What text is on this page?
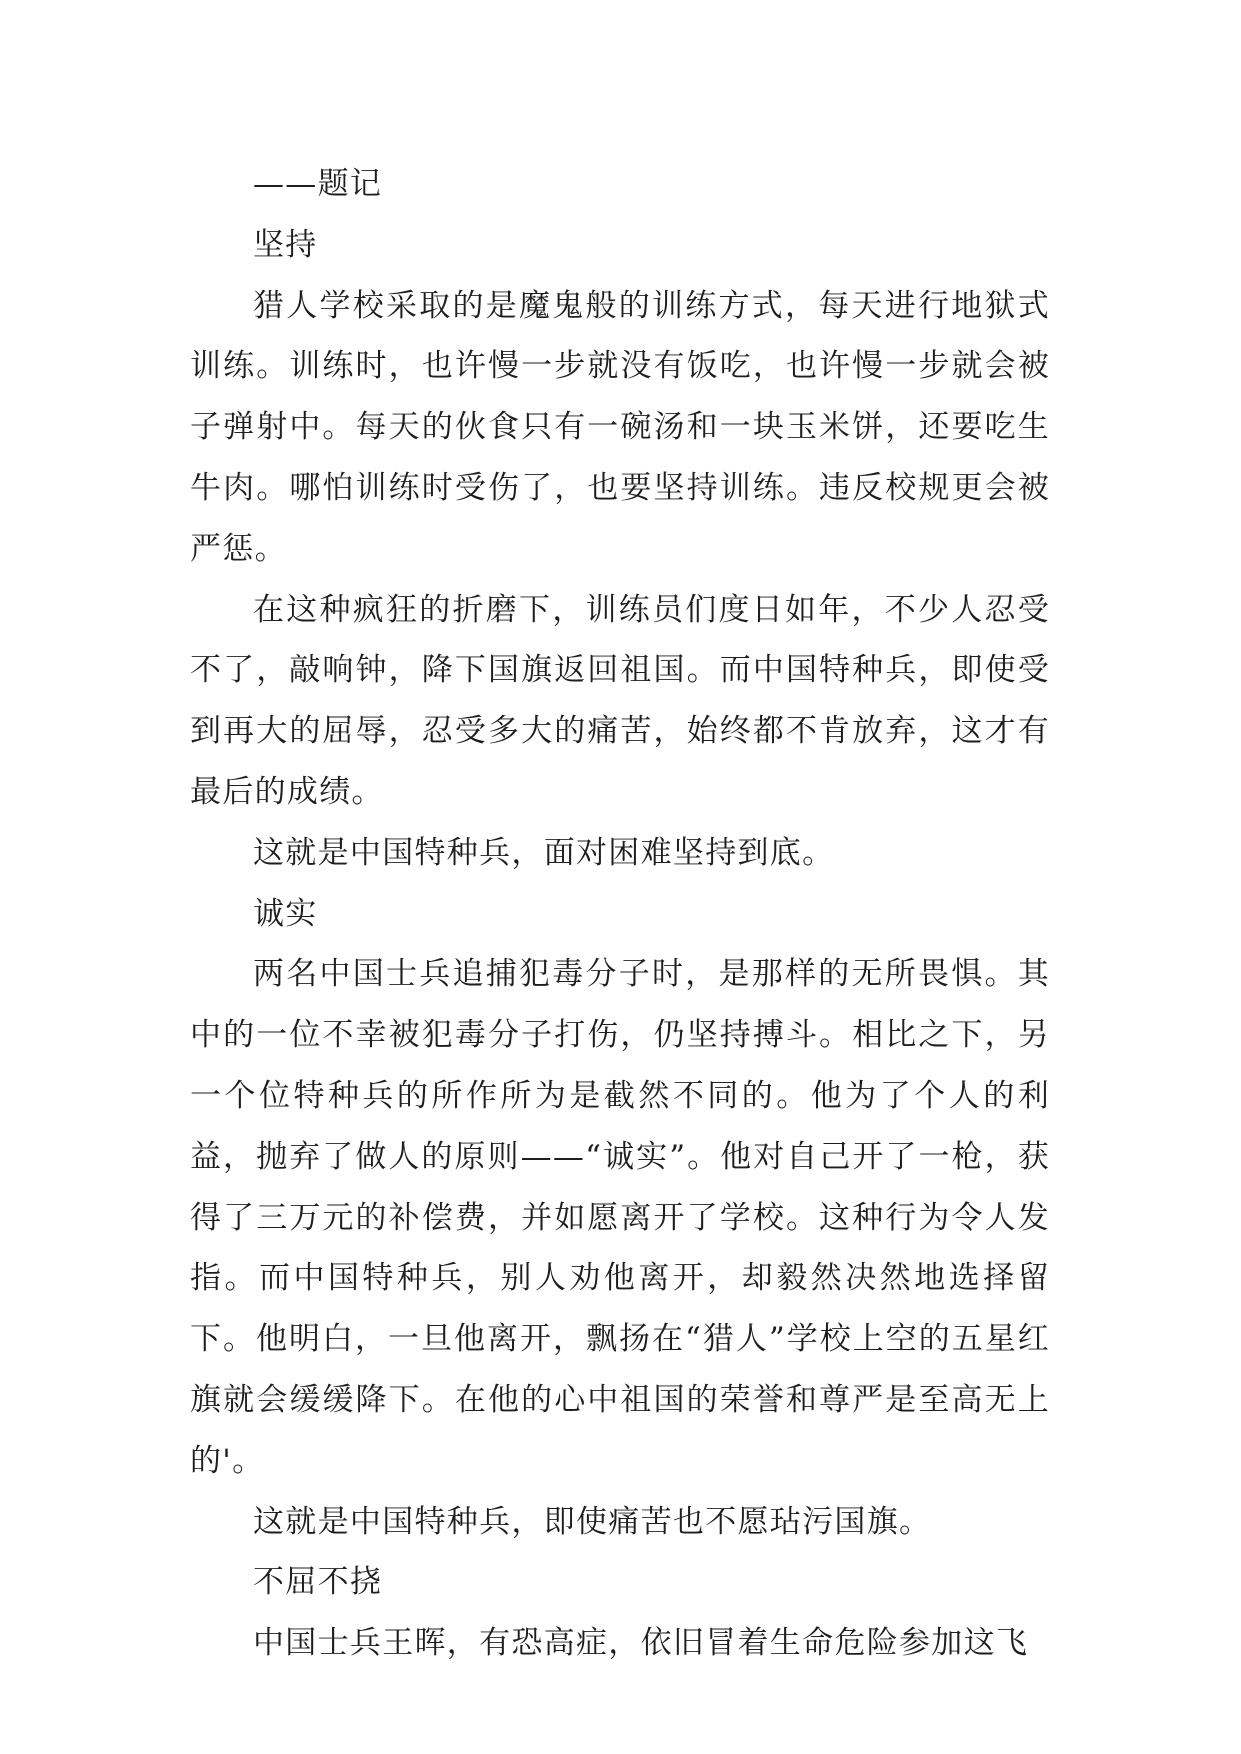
——题记

坚持

猎人学校采取的是魔鬼般的训练方式，每天进行地狱式训练。训练时，也许慢一步就没有饭吃，也许慢一步就会被子弹射中。每天的伙食只有一碗汤和一块玉米饼，还要吃生牛肉。哪怕训练时受伤了，也要坚持训练。违反校规更会被严惩。

在这种疯狂的折磨下，训练员们度日如年，不少人忍受不了，敲响钟，降下国旗返回祖国。而中国特种兵，即使受到再大的屈辱，忍受多大的痛苦，始终都不肯放弃，这才有最后的成绩。

这就是中国特种兵，面对困难坚持到底。

诚实

两名中国士兵追捕犯毒分子时，是那样的无所畏惧。其中的一位不幸被犯毒分子打伤，仍坚持搏斗。相比之下，另一个位特种兵的所作所为是截然不同的。他为了个人的利益，抛弃了做人的原则——“诚实”。他对自己开了一枪，获得了三万元的补偿费，并如愿离开了学校。这种行为令人发指。而中国特种兵，别人劝他离开，却毅然决然地选择留下。他明白，一旦他离开，飘扬在“猎人”学校上空的五星红旗就会缓缓降下。在他的心中祖国的荣誉和尊严是至高无上的'。

这就是中国特种兵，即使痛苦也不愿玷污国旗。

不屈不挠

中国士兵王晖，有恐高症，依旧冒着生命危险参加这飞
